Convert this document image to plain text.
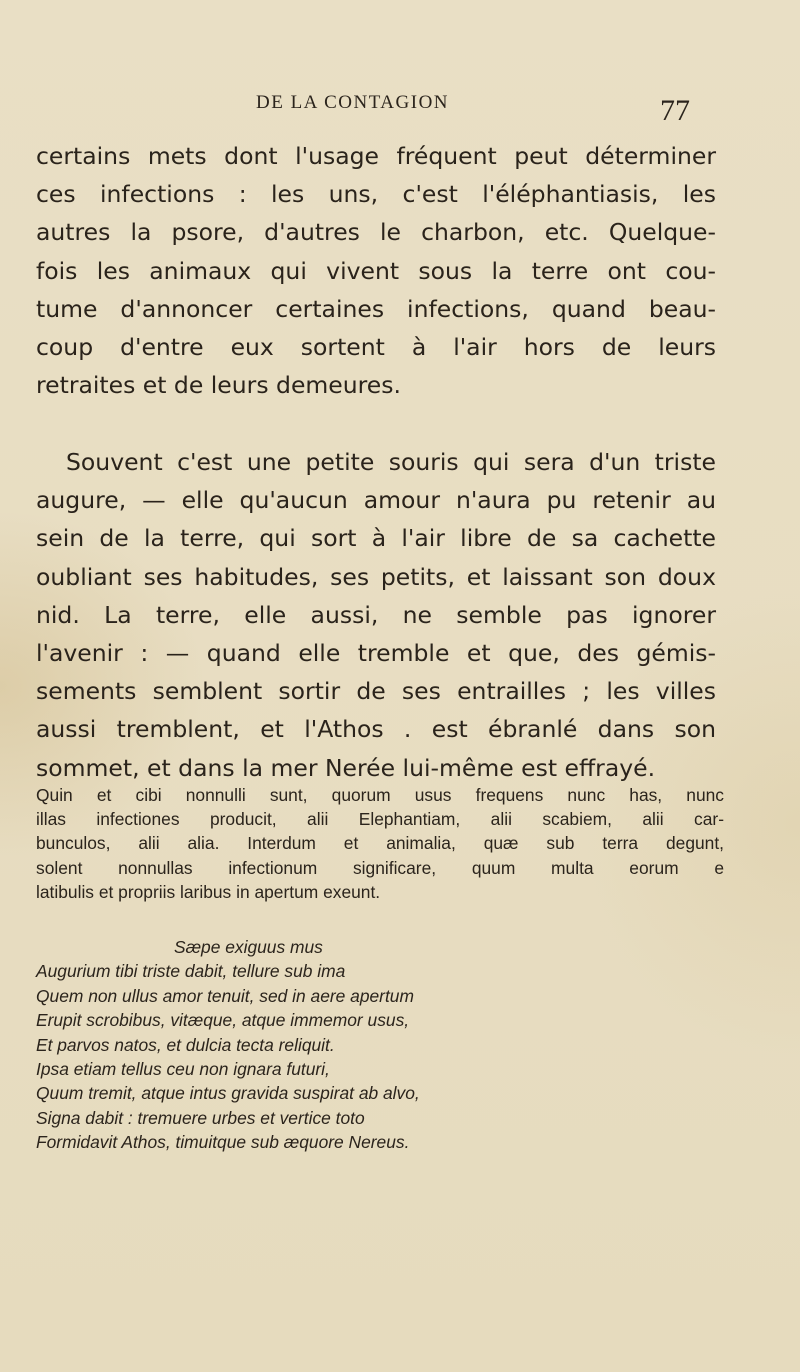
DE LA CONTAGION	77
certains mets dont l'usage fréquent peut déterminer
ces infections : les uns, c'est l'éléphantiasis, les
autres la psore, d'autres le charbon, etc. Quelque-
fois les animaux qui vivent sous la terre ont cou-
tume d'annoncer certaines infections, quand beau-
coup d'entre eux sortent à l'air hors de leurs
retraites et de leurs demeures.
Souvent c'est une petite souris qui sera d'un triste
augure, — elle qu'aucun amour n'aura pu retenir au
sein de la terre, qui sort à l'air libre de sa cachette
oubliant ses habitudes, ses petits, et laissant son doux
nid. La terre, elle aussi, ne semble pas ignorer
l'avenir : — quand elle tremble et que, des gémis-
sements semblent sortir de ses entrailles ; les villes
aussi tremblent, et l'Athos . est ébranlé dans son
sommet, et dans la mer Nerée lui-même est effrayé.
Quin et cibi nonnulli sunt, quorum usus frequens nunc has, nunc
illas infectiones producit, alii Elephantiam, alii scabiem, alii car-
bunculos, alii alia. Interdum et animalia, quæ sub terra degunt,
solent nonnullas infectionum significare, quum multa eorum e
latibulis et propriis laribus in apertum exeunt.
Sæpe exiguus mus
Augurium tibi triste dabit, tellure sub ima
Quem non ullus amor tenuit, sed in aere apertum
Erupit scrobibus, vitæque, atque immemor usus,
Et parvos natos, et dulcia tecta reliquit.
Ipsa etiam tellus ceu non ignara futuri,
Quum tremit, atque intus gravida suspirat ab alvo,
Signa dabit : tremuere urbes et vertice toto
Formidavit Athos, timuitque sub æquore Nereus.
